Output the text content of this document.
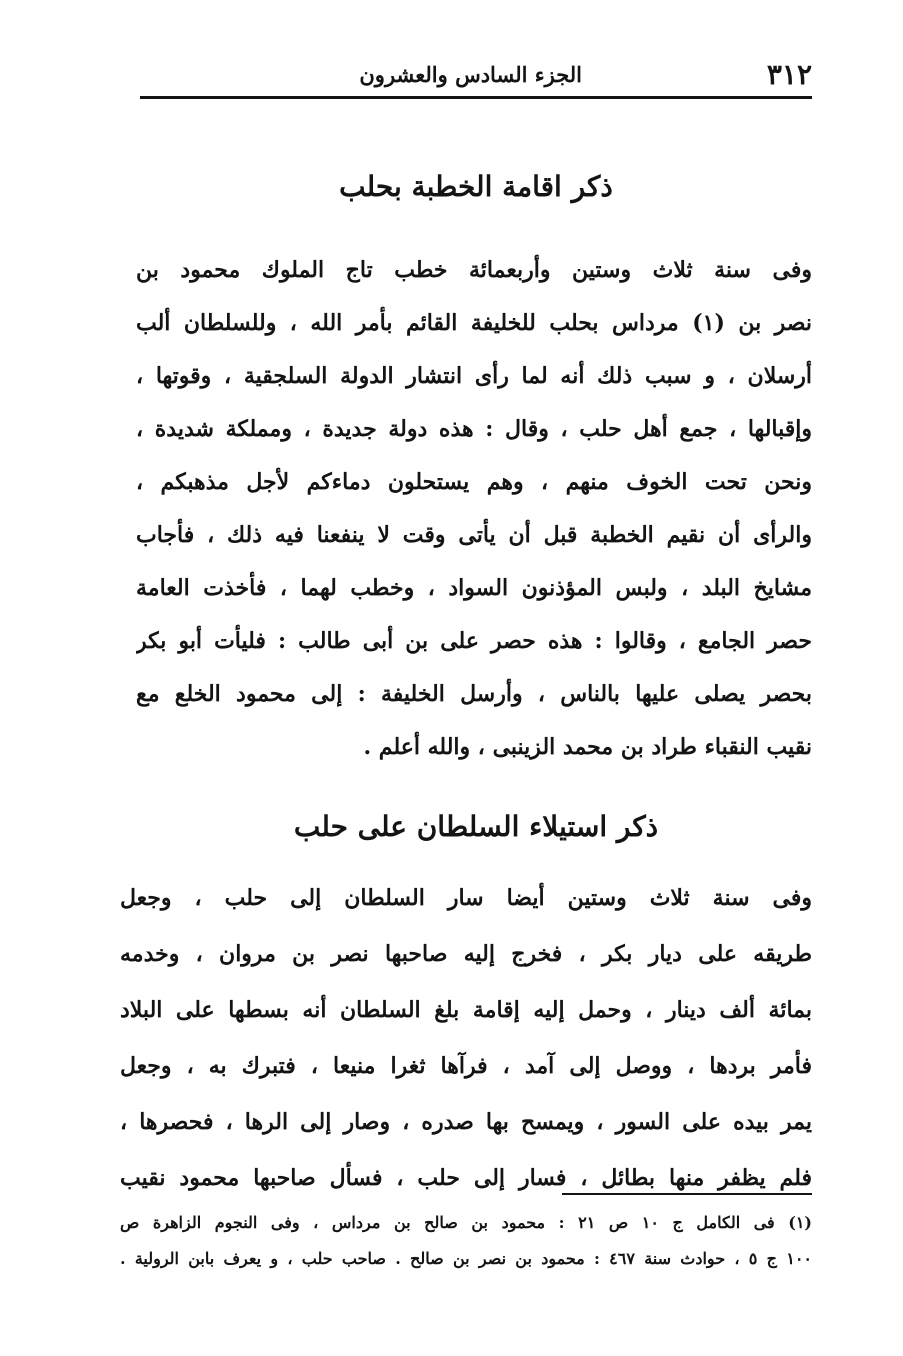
٣١٢
الجزء السادس والعشرون
ذكر اقامة الخطبة بحلب
وفى سنة ثلاث وستين وأربعمائة خطب تاج الملوك محمود بن
نصر بن (١) مرداس بحلب للخليفة القائم بأمر الله ، وللسلطان ألب
أرسلان ، و سبب ذلك أنه لما رأى انتشار الدولة السلجقية ، وقوتها ،
وإقبالها ، جمع أهل حلب ، وقال : هذه دولة جديدة ، ومملكة شديدة ،
ونحن تحت الخوف منهم ، وهم يستحلون دماءكم لأجل مذهبكم ،
والرأى أن نقيم الخطبة قبل أن يأتى وقت لا ينفعنا فيه ذلك ، فأجاب
مشايخ البلد ، ولبس المؤذنون السواد ، وخطب لهما ، فأخذت العامة
حصر الجامع ، وقالوا : هذه حصر على بن أبى طالب : فليأت أبو بكر
بحصر يصلى عليها بالناس ، وأرسل الخليفة : إلى محمود الخلع مع
نقيب النقباء طراد بن محمد الزينبى ، والله أعلم .
ذكر استيلاء السلطان على حلب
وفى سنة ثلاث وستين أيضا سار السلطان إلى حلب ، وجعل
طريقه على ديار بكر ، فخرج إليه صاحبها نصر بن مروان ، وخدمه
بمائة ألف دينار ، وحمل إليه إقامة بلغ السلطان أنه بسطها على البلاد
فأمر بردها ، ووصل إلى آمد ، فرآها ثغرا منيعا ، فتبرك به ، وجعل
يمر بيده على السور ، ويمسح بها صدره ، وصار إلى الرها ، فحصرها ،
فلم يظفر منها بطائل ، فسار إلى حلب ، فسأل صاحبها محمود نقيب
(١) فى الكامل ج ١٠ ص ٢١ : محمود بن صالح بن مرداس ، وفى النجوم الزاهرة ص
١٠٠ ج ٥ ، حوادث سنة ٤٦٧ : محمود بن نصر بن صالح . صاحب حلب ، و يعرف بابن الرولية .
